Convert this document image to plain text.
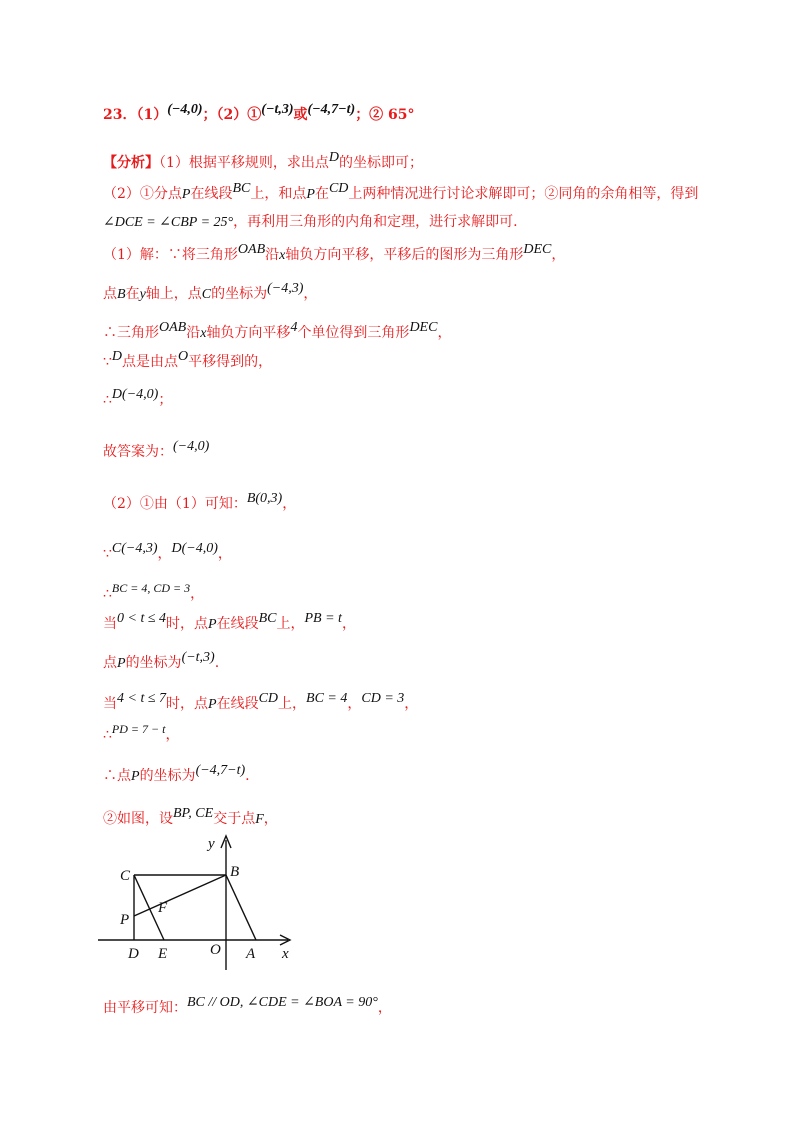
23．（1）(−4,0)；（2）①(−t,3)或(−4,7−t)；② 65°
【分析】（1）根据平移规则，求出点D的坐标即可；
（2）①分点P在线段BC上，和点P在CD上两种情况进行讨论求解即可；②同角的余角相等，得到
∠DCE = ∠CBP = 25°，再利用三角形的内角和定理，进行求解即可.
（1）解：∵将三角形OAB沿x轴负方向平移，平移后的图形为三角形DEC，
点B在y轴上，点C的坐标为(−4,3)，
∴三角形OAB沿x轴负方向平移4个单位得到三角形DEC，
∵D点是由点O平移得到的，
∴D(−4,0)；
故答案为：(−4,0)
（2）①由（1）可知：B(0,3)，
∵C(−4,3)，D(−4,0)，
∴BC = 4, CD = 3，
当0 < t ≤ 4时，点P在线段BC上，PB = t，
点P的坐标为(−t,3).
当4 < t ≤ 7时，点P在线段CD上，BC = 4，CD = 3，
∴PD = 7 − t，
∴点P的坐标为(−4,7−t).
②如图，设BP, CE交于点F，
y
C	B
P
F
D E	O A x
由平移可知：BC // OD, ∠CDE = ∠BOA = 90°，
